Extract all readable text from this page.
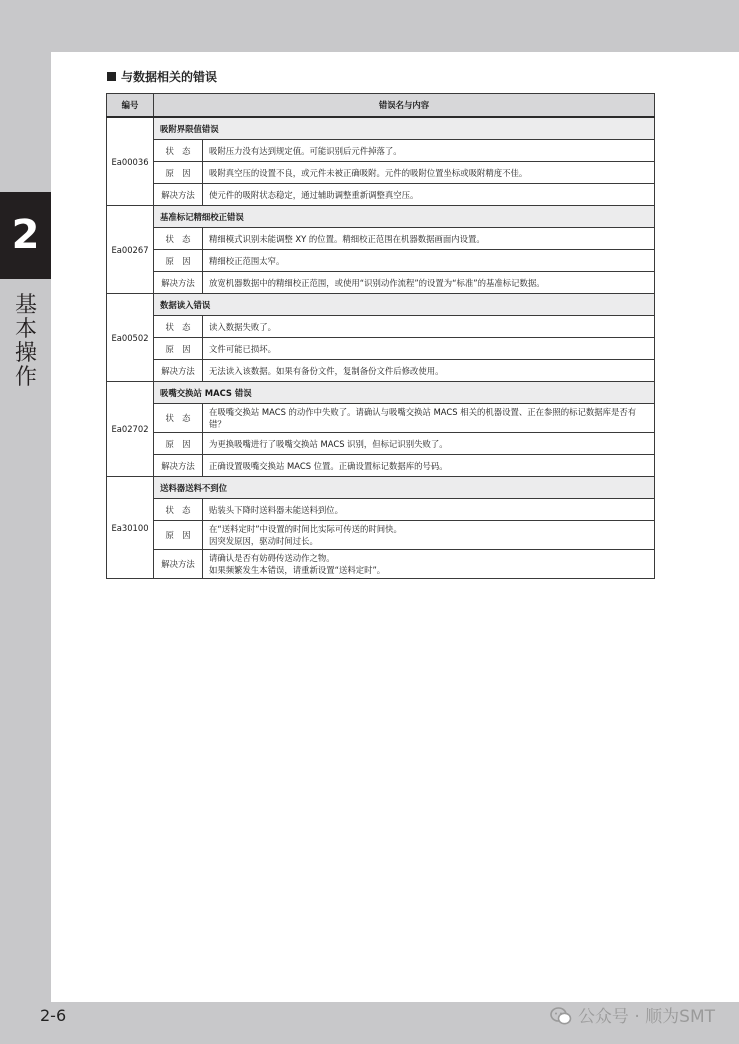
2
基
本
操
作
与数据相关的错误
编号	错误名与内容	
Ea00036	吸附界限值错误	
	状　态	吸附压力没有达到规定值。可能识别后元件掉落了。
	原　因	吸附真空压的设置不良，或元件未被正确吸附。元件的吸附位置坐标或吸附精度不佳。
	解决方法	使元件的吸附状态稳定，通过辅助调整重新调整真空压。
Ea00267	基准标记精细校正错误	
	状　态	精细模式识别未能调整 XY 的位置。精细校正范围在机器数据画面内设置。
	原　因	精细校正范围太窄。
	解决方法	放宽机器数据中的精细校正范围，或使用“识别动作流程”的设置为“标准”的基准标记数据。
Ea00502	数据读入错误	
	状　态	读入数据失败了。
	原　因	文件可能已损坏。
	解决方法	无法读入该数据。如果有备份文件，复制备份文件后修改使用。
Ea02702	吸嘴交换站 MACS 错误	
	状　态	在吸嘴交换站 MACS 的动作中失败了。请确认与吸嘴交换站 MACS 相关的机器设置、正在参照的标记数据库是否有错？
	原　因	为更换吸嘴进行了吸嘴交换站 MACS 识别，但标记识别失败了。
	解决方法	正确设置吸嘴交换站 MACS 位置。正确设置标记数据库的号码。
Ea30100	送料器送料不到位	
	状　态	贴装头下降时送料器未能送料到位。
	原　因	在“送料定时”中设置的时间比实际可传送的时间快。
因突发原因，驱动时间过长。

	解决方法	请确认是否有妨碍传送动作之物。
如果频繁发生本错误，请重新设置“送料定时”。
2-6	公众号 · 顺为SMT
